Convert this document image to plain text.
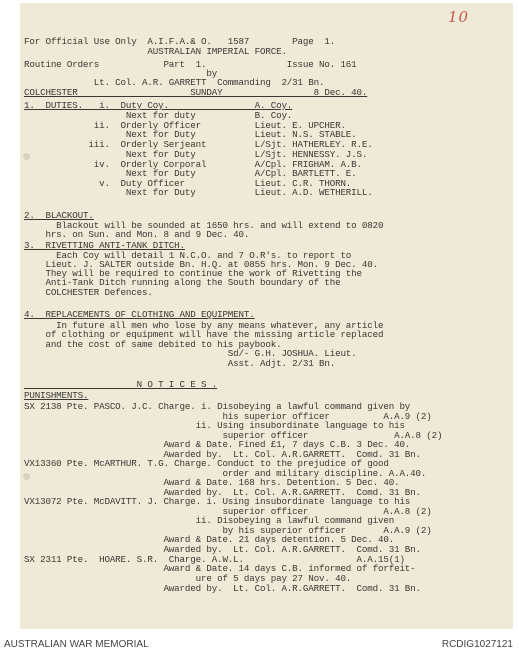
10
For Official Use Only  A.I.F.A.& O.   1587        Page  1.
AUSTRALIAN IMPERIAL FORCE.
Routine Orders            Part  1.               Issue No. 161
by
Lt. Col. A.R. GARRETT  Commanding  2/31 Bn.
COLCHESTER                     SUNDAY                 8 Dec. 40.
1.  DUTIES.   i.  Duty Coy.                A. Coy.
Next for duty           B. Coy.
ii.  Orderly Officer          Lieut. E. UPCHER.
Next for Duty           Lieut. N.S. STABLE.
iii.  Orderly Serjeant         L/Sjt. HATHERLEY. R.E.
Next for Duty           L/Sjt. HENNESSY. J.S.
iv.  Orderly Corporal         A/Cpl. FRIGHAM. A.B.
Next for Duty           A/Cpl. BARTLETT. E.
v.  Duty Officer             Lieut. C.R. THORN.
Next for Duty           Lieut. A.D. WETHERILL.
2.  BLACKOUT.
Blackout will be sounded at 1650 hrs. and will extend to 0820
hrs. on Sun. and Mon. 8 and 9 Dec. 40.
3.  RIVETTING ANTI-TANK DITCH.
Each Coy will detail 1 N.C.O. and 7 O.R's. to report to
Lieut. J. SALTER outside Bn. H.Q. at 0855 hrs. Mon. 9 Dec. 40.
They will be required to continue the work of Rivetting the
Anti-Tank Ditch running along the South boundary of the
COLCHESTER Defences.
4.  REPLACEMENTS OF CLOTHING AND EQUIPMENT.
In future all men who lose by any means whatever, any article
of clothing or equipment will have the missing article replaced
and the cost of same debited to his paybook.
Sd/- G.H. JOSHUA. Lieut.
Asst. Adjt. 2/31 Bn.
N O T I C E S .
PUNISHMENTS.
SX 2138 Pte. PASCO. J.C. Charge. i. Disobeying a lawful command given by
his superior officer          A.A.9 (2)
ii. Using insubordinate language to his
superior officer                A.A.8 (2)
Award & Date. Fined £1, 7 days C.B. 3 Dec. 40.
Awarded by.  Lt. Col. A.R.GARRETT.  Comd. 31 Bn.
VX13360 Pte. McARTHUR. T.G. Charge. Conduct to the prejudice of good
order and military discipline. A.A.40.
Award & Date. 168 hrs. Detention. 5 Dec. 40.
Awarded by.  Lt. Col. A.R.GARRETT.  Comd. 31 Bn.
VX13072 Pte. McDAVITT. J. Charge. i. Using insubordinate language to his
superior officer              A.A.8 (2)
ii. Disobeying a lawful command given
by his superior officer       A.A.9 (2)
Award & Date. 21 days detention. 5 Dec. 40.
Awarded by.  Lt. Col. A.R.GARRETT.  Comd. 31 Bn.
SX 2311 Pte.  HOARE. S.R.  Charge. A.W.L.                     A.A.15(1)
Award & Date. 14 days C.B. informed of forfeit-
ure of 5 days pay 27 Nov. 40.
Awarded by.  Lt. Col. A.R.GARRETT.  Comd. 31 Bn.
AUSTRALIAN WAR MEMORIAL	RCDIG1027121
